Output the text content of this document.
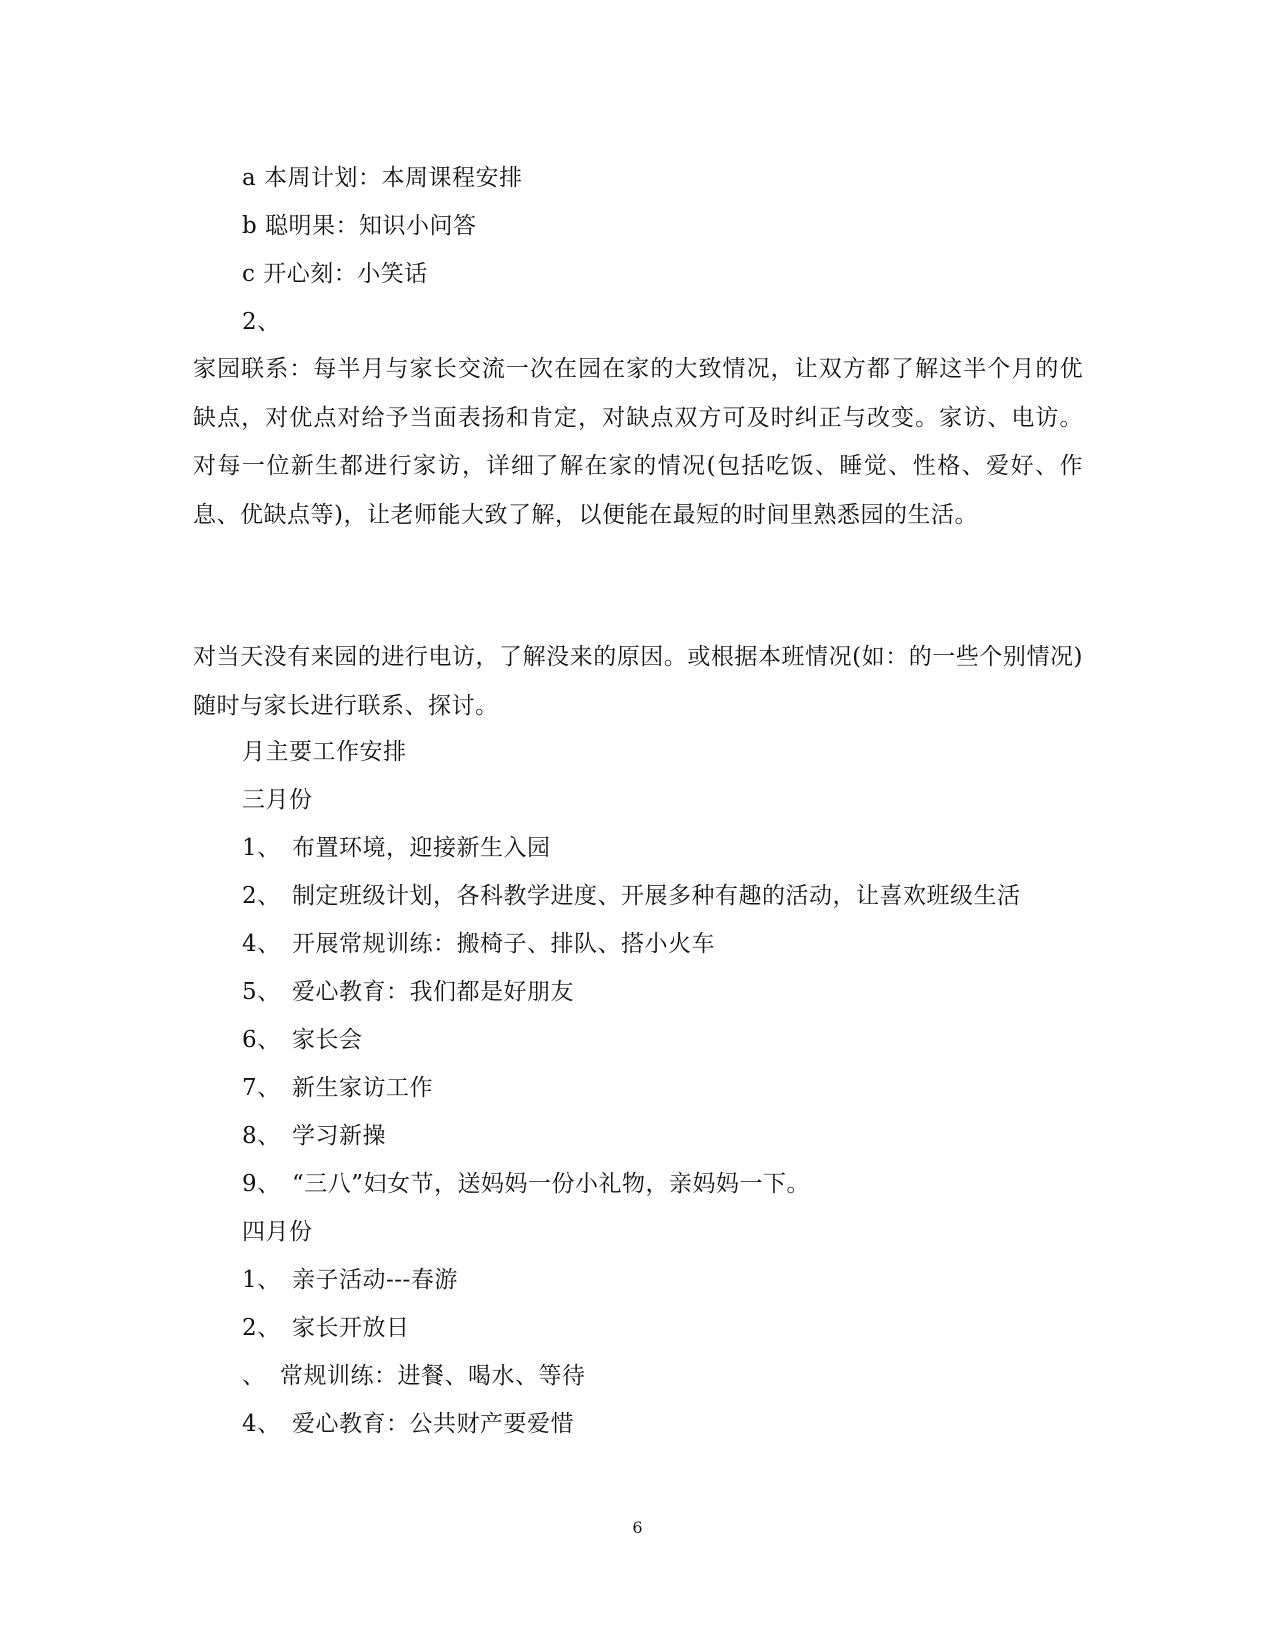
a 本周计划：本周课程安排
b 聪明果：知识小问答
c 开心刻：小笑话
2、
家园联系：每半月与家长交流一次在园在家的大致情况，让双方都了解这半个月的优缺点，对优点对给予当面表扬和肯定，对缺点双方可及时纠正与改变。家访、电访。对每一位新生都进行家访，详细了解在家的情况(包括吃饭、睡觉、性格、爱好、作息、优缺点等)，让老师能大致了解，以便能在最短的时间里熟悉园的生活。
对当天没有来园的进行电访，了解没来的原因。或根据本班情况(如：的一些个别情况)随时与家长进行联系、探讨。
月主要工作安排
三月份
1、 布置环境，迎接新生入园
2、 制定班级计划，各科教学进度、开展多种有趣的活动，让喜欢班级生活
4、 开展常规训练：搬椅子、排队、搭小火车
5、 爱心教育：我们都是好朋友
6、 家长会
7、 新生家访工作
8、 学习新操
9、 “三八”妇女节，送妈妈一份小礼物，亲妈妈一下。
四月份
1、 亲子活动---春游
2、 家长开放日
、 常规训练：进餐、喝水、等待
4、 爱心教育：公共财产要爱惜
6
